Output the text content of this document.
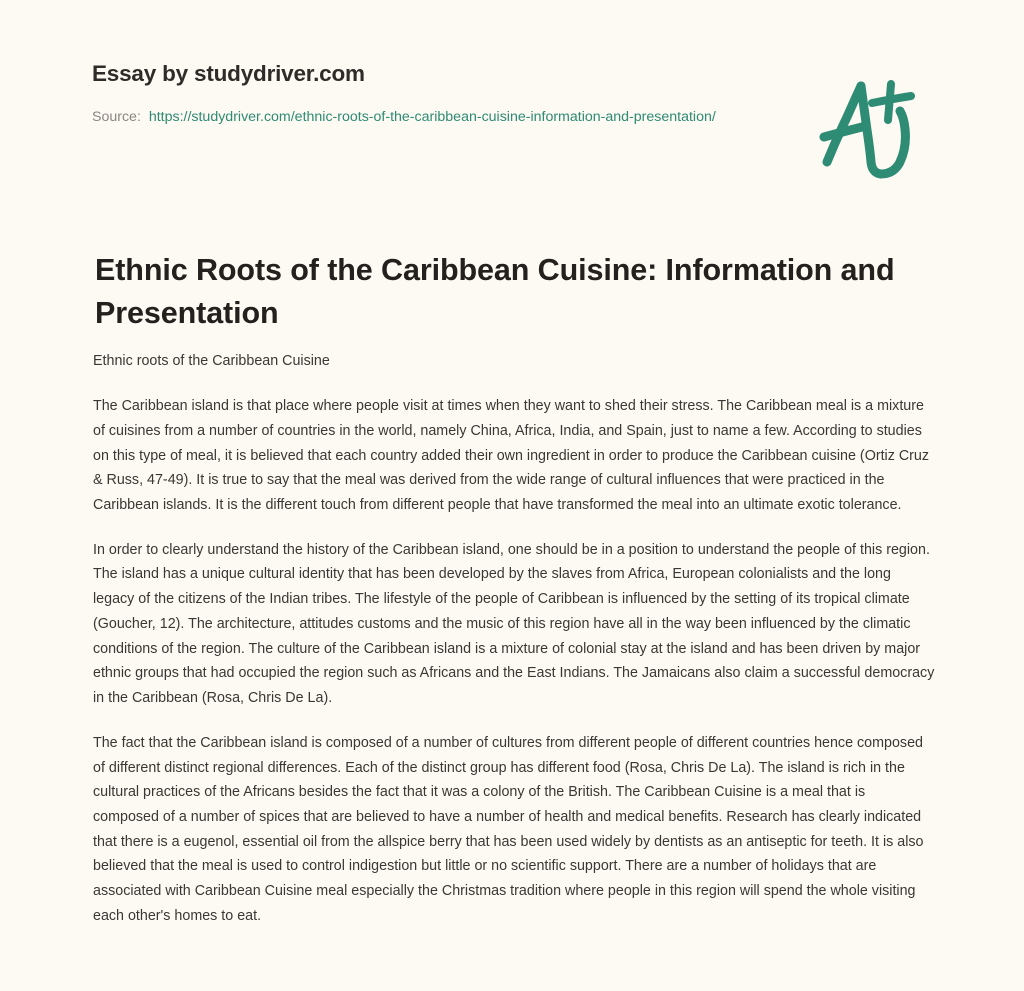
Essay by studydriver.com
Source: https://studydriver.com/ethnic-roots-of-the-caribbean-cuisine-information-and-presentation/
Ethnic Roots of the Caribbean Cuisine: Information and Presentation

Ethnic roots of the Caribbean Cuisine

The Caribbean island is that place where people visit at times when they want to shed their stress. The Caribbean meal is a mixture of cuisines from a number of countries in the world, namely China, Africa, India, and Spain, just to name a few. According to studies on this type of meal, it is believed that each country added their own ingredient in order to produce the Caribbean cuisine (Ortiz Cruz & Russ, 47-49). It is true to say that the meal was derived from the wide range of cultural influences that were practiced in the Caribbean islands. It is the different touch from different people that have transformed the meal into an ultimate exotic tolerance.

In order to clearly understand the history of the Caribbean island, one should be in a position to understand the people of this region. The island has a unique cultural identity that has been developed by the slaves from Africa, European colonialists and the long legacy of the citizens of the Indian tribes. The lifestyle of the people of Caribbean is influenced by the setting of its tropical climate (Goucher, 12). The architecture, attitudes customs and the music of this region have all in the way been influenced by the climatic conditions of the region. The culture of the Caribbean island is a mixture of colonial stay at the island and has been driven by major ethnic groups that had occupied the region such as Africans and the East Indians. The Jamaicans also claim a successful democracy in the Caribbean (Rosa, Chris De La).

The fact that the Caribbean island is composed of a number of cultures from different people of different countries hence composed of different distinct regional differences. Each of the distinct group has different food (Rosa, Chris De La). The island is rich in the cultural practices of the Africans besides the fact that it was a colony of the British. The Caribbean Cuisine is a meal that is composed of a number of spices that are believed to have a number of health and medical benefits. Research has clearly indicated that there is a eugenol, essential oil from the allspice berry that has been used widely by dentists as an antiseptic for teeth. It is also believed that the meal is used to control indigestion but little or no scientific support. There are a number of holidays that are associated with Caribbean Cuisine meal especially the Christmas tradition where people in this region will spend the whole visiting each other's homes to eat.
